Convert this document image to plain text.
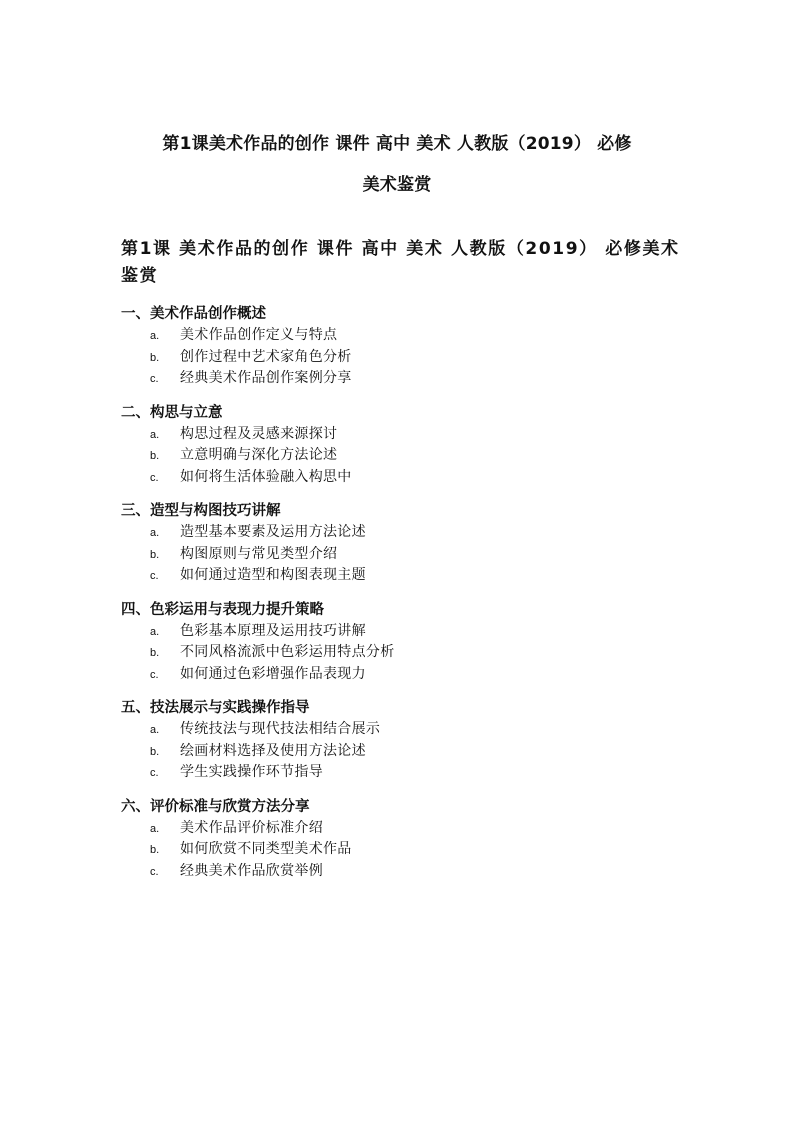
第1课美术作品的创作 课件 高中 美术 人教版（2019） 必修
美术鉴赏
第1课 美术作品的创作 课件 高中 美术 人教版（2019） 必修美术鉴赏
一、美术作品创作概述
a.	美术作品创作定义与特点
b.	创作过程中艺术家角色分析
c.	经典美术作品创作案例分享
二、构思与立意
a.	构思过程及灵感来源探讨
b.	立意明确与深化方法论述
c.	如何将生活体验融入构思中
三、造型与构图技巧讲解
a.	造型基本要素及运用方法论述
b.	构图原则与常见类型介绍
c.	如何通过造型和构图表现主题
四、色彩运用与表现力提升策略
a.	色彩基本原理及运用技巧讲解
b.	不同风格流派中色彩运用特点分析
c.	如何通过色彩增强作品表现力
五、技法展示与实践操作指导
a.	传统技法与现代技法相结合展示
b.	绘画材料选择及使用方法论述
c.	学生实践操作环节指导
六、评价标准与欣赏方法分享
a.	美术作品评价标准介绍
b.	如何欣赏不同类型美术作品
c.	经典美术作品欣赏举例
